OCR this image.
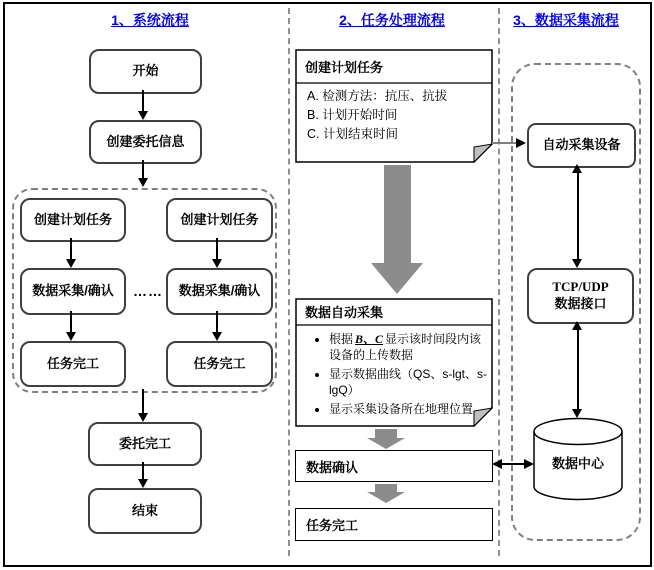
1、系统流程	2、任务处理流程	3、数据采集流程
开始
创建委托信息
创建计划任务	创建计划任务
数据采集/确认	数据采集/确认
……
任务完工	任务完工
委托完工
结束
创建计划任务
A. 检测方法：抗压、抗拔
B. 计划开始时间
C. 计划结束时间
数据自动采集
• 根据 B、C 显示该时间段内该设备的上传数据
• 显示数据曲线（QS、s-lgt、s-lgQ）
• 显示采集设备所在地理位置
数据确认
任务完工
自动采集设备
TCP/UDP
数据接口
数据中心
